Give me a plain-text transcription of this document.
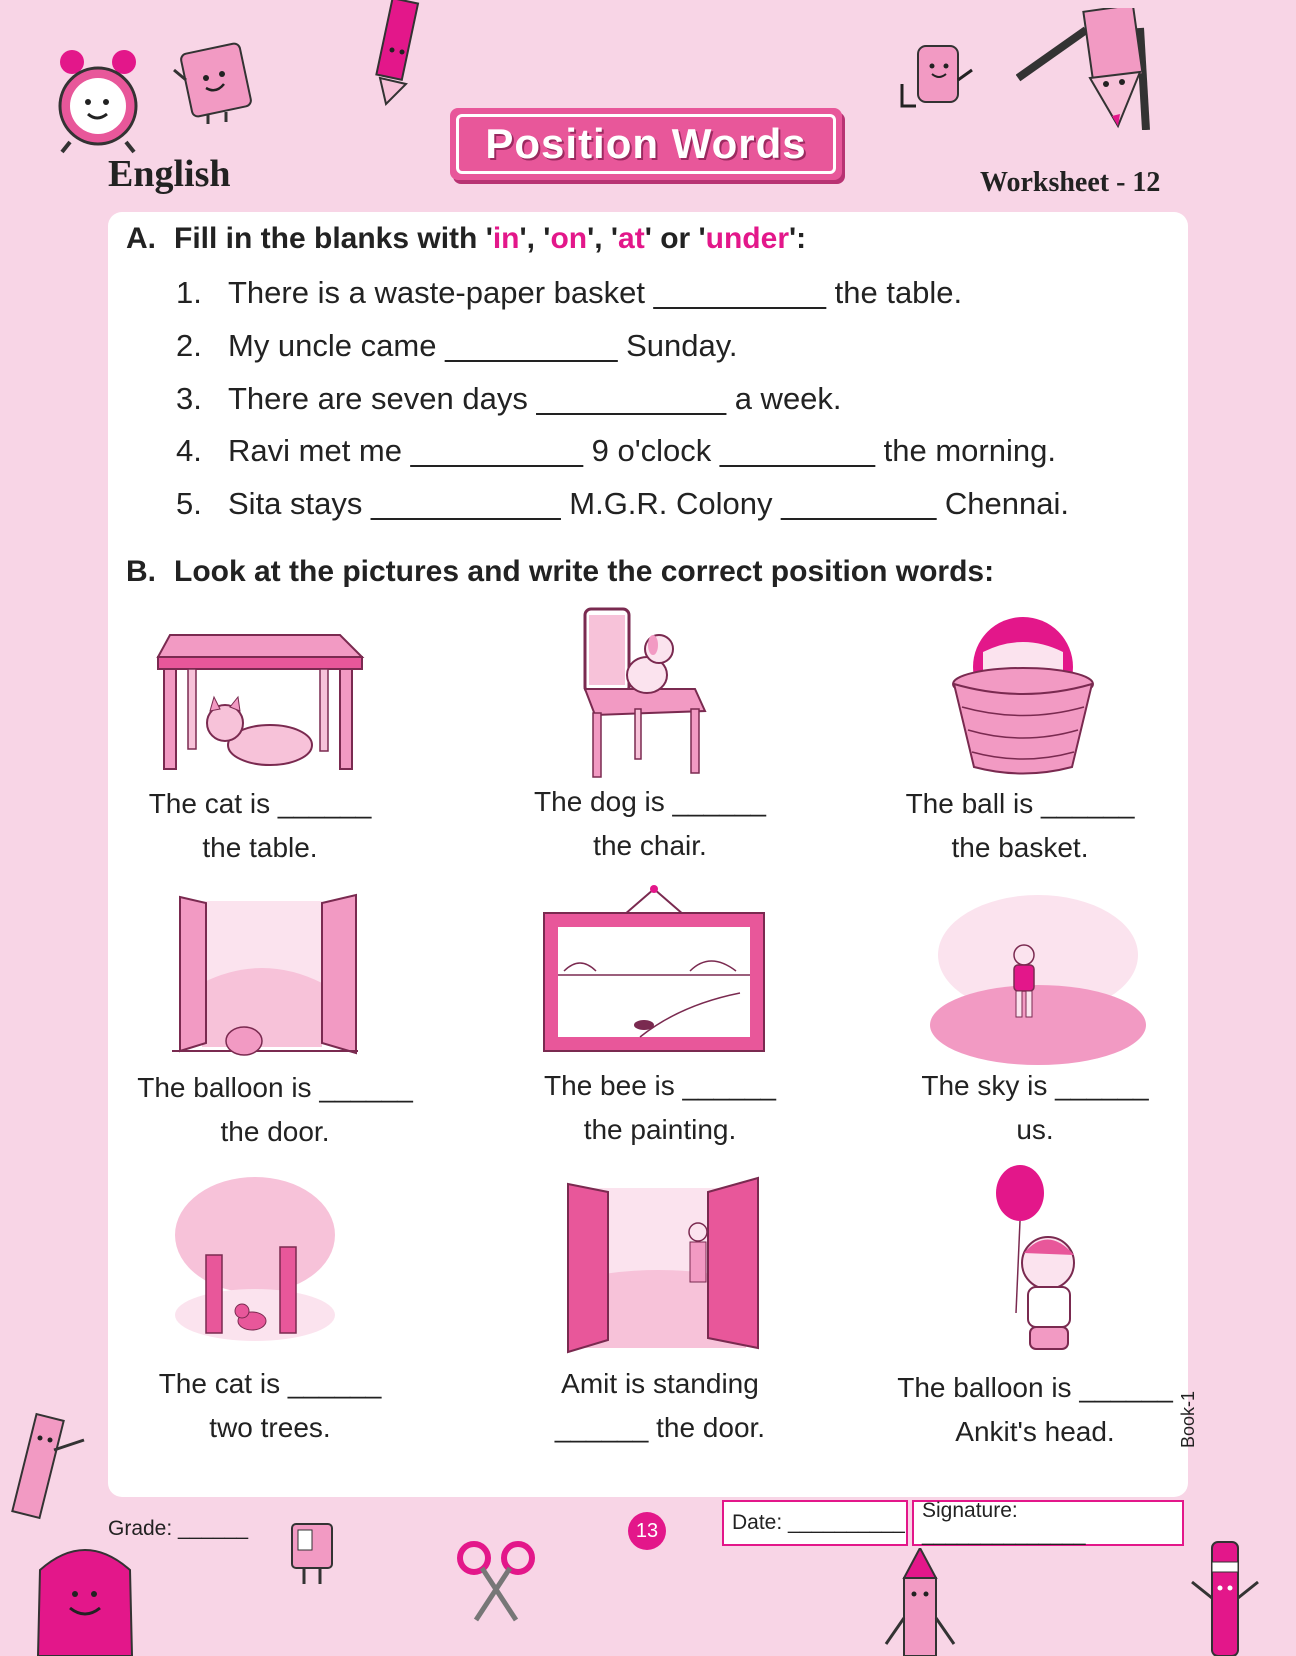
English
Position Words
Worksheet - 12
A. Fill in the blanks with 'in', 'on', 'at' or 'under':
1. There is a waste-paper basket __________ the table.
2. My uncle came __________ Sunday.
3. There are seven days ___________ a week.
4. Ravi met me __________ 9 o'clock _________ the morning.
5. Sita stays ___________ M.G.R. Colony _________ Chennai.
B. Look at the pictures and write the correct position words:
The cat is ______
the table.
The dog is ______
the chair.
The ball is ______
the basket.
The balloon is ______
the door.
The bee is ______
the painting.
The sky is ______
us.
The cat is ______
two trees.
Amit is standing
______ the door.
The balloon is ______
Ankit's head.	Book-1
Grade: ______	13	Date: __________
Signature: ______________
